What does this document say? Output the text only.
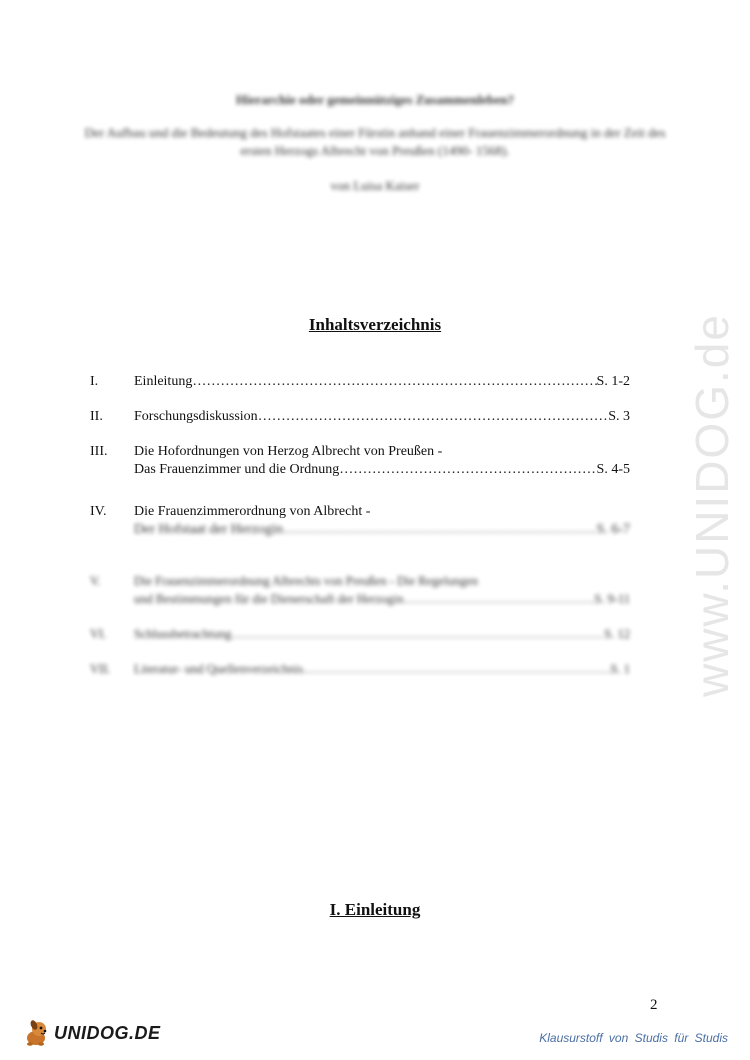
Hierarchie oder gemeinnütziges Zusammenleben?
Der Aufbau und die Bedeutung des Hofstaates einer Fürstin anhand einer Frauenzimmerordnung in der Zeit des ersten Herzogs Albrecht von Preußen (1490- 1568).
von Luisa Kaiser
Inhaltsverzeichnis
I.	Einleitung ……………………………………………………………………………………………………………………	S. 1-2
II.	Forschungsdiskussion ……………………………………………………………………………………………………………………	S. 3
III.	Die Hofordnungen von Herzog Albrecht von Preußen -
Das Frauenzimmer und die Ordnung ……………………………………………………………………………………………………………………	S. 4-5
IV.	Die Frauenzimmerordnung von Albrecht -
Der Hofstaat der Herzogin ……………………………………………………………………………………………………………………	S. 6-7
V.	Die Frauenzimmerordnung Albrechts von Preußen - Die Regelungen
und Bestimmungen für die Dienerschaft der Herzogin ……………………………………………………………………………………………………………………	S. 9-11
VI.	Schlussbetrachtung ……………………………………………………………………………………………………………………	S. 12
VII.	Literatur- und Quellenverzeichnis ……………………………………………………………………………………………………………………	S. 1
I. Einleitung
2
www.UNIDOG.de
UNIDOG.DE	Klausurstoff von Studis für Studis
